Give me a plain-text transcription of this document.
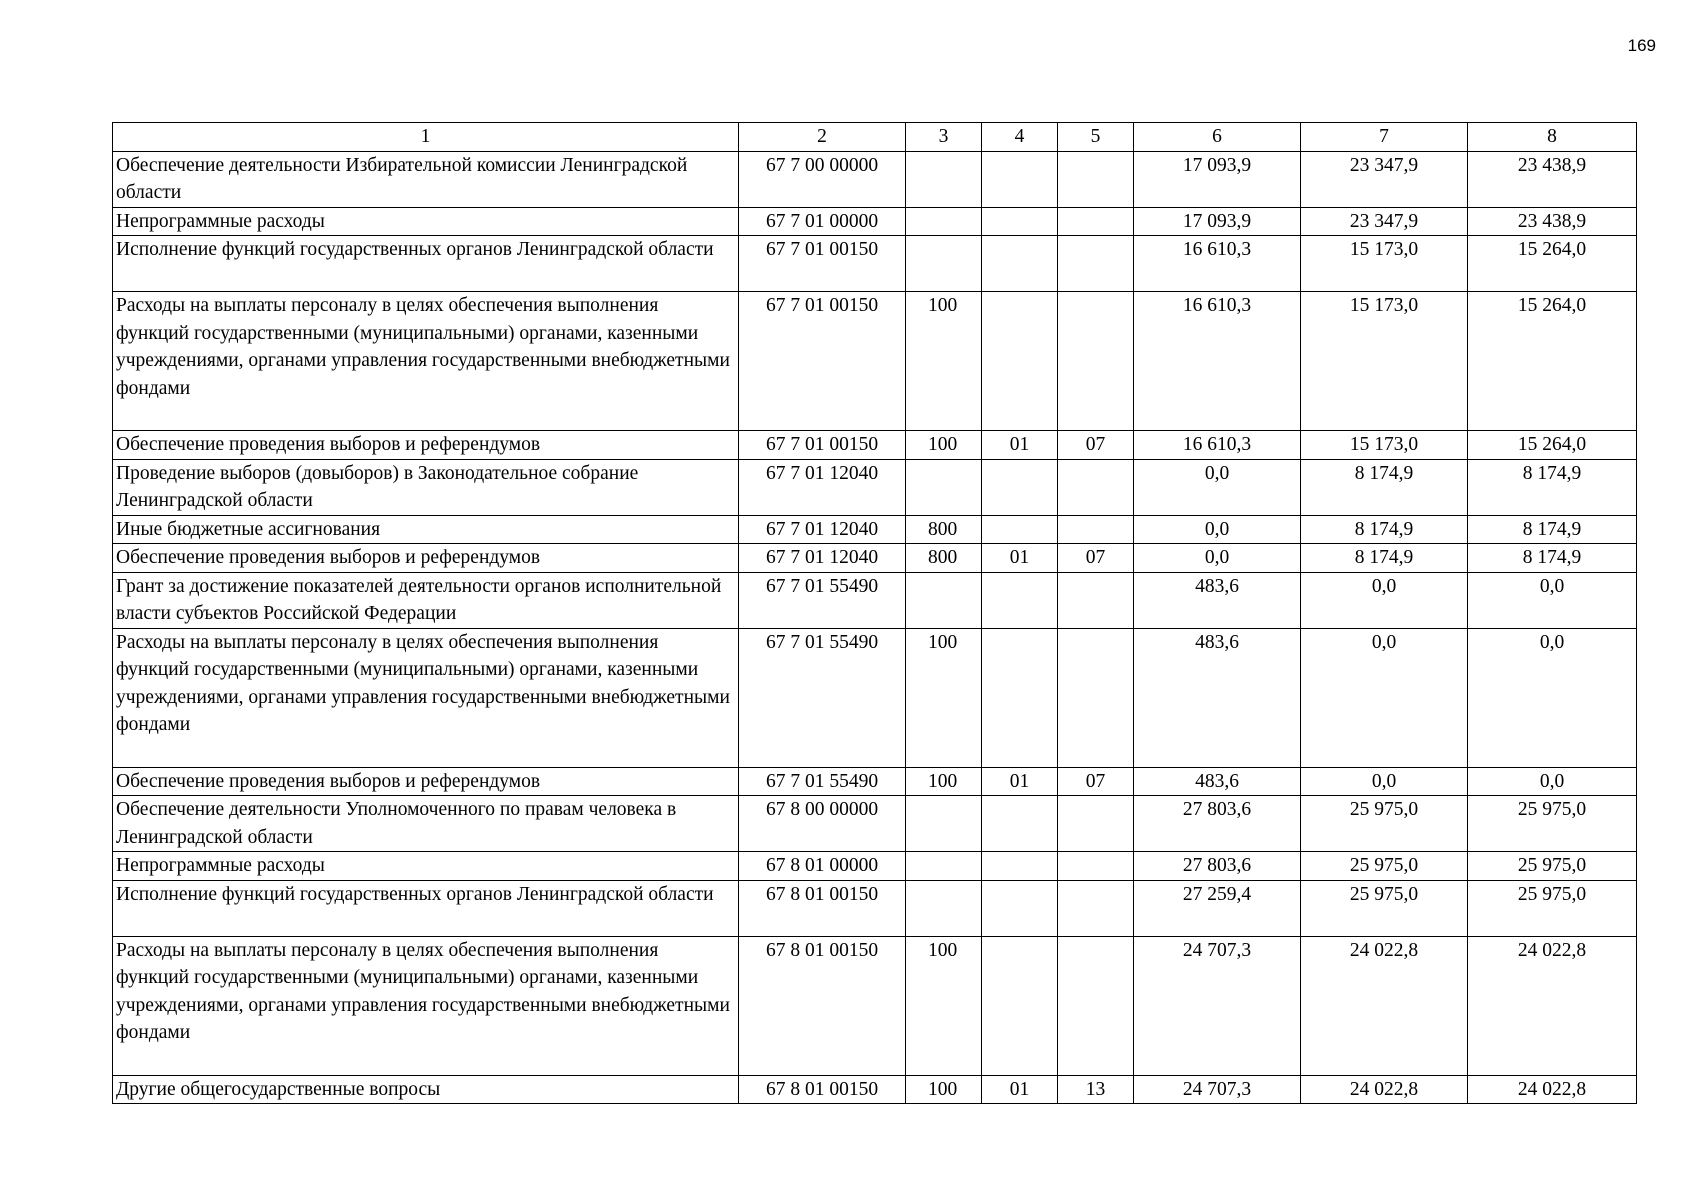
169
1	2	3	4	5	6	7	8
Обеспечение деятельности Избирательной комиссии Ленинградской области	67 7 00 00000				17 093,9	23 347,9	23 438,9
Непрограммные расходы	67 7 01 00000				17 093,9	23 347,9	23 438,9
Исполнение функций государственных органов Ленинградской области	67 7 01 00150				16 610,3	15 173,0	15 264,0
Расходы на выплаты персоналу в целях обеспечения выполнения функций государственными (муниципальными) органами, казенными учреждениями, органами управления государственными внебюджетными фондами	67 7 01 00150	100			16 610,3	15 173,0	15 264,0
Обеспечение проведения выборов и референдумов	67 7 01 00150	100	01	07	16 610,3	15 173,0	15 264,0
Проведение выборов (довыборов) в Законодательное собрание Ленинградской области	67 7 01 12040				0,0	8 174,9	8 174,9
Иные бюджетные ассигнования	67 7 01 12040	800			0,0	8 174,9	8 174,9
Обеспечение проведения выборов и референдумов	67 7 01 12040	800	01	07	0,0	8 174,9	8 174,9
Грант за достижение показателей деятельности органов исполнительной власти субъектов Российской Федерации	67 7 01 55490				483,6	0,0	0,0
Расходы на выплаты персоналу в целях обеспечения выполнения функций государственными (муниципальными) органами, казенными учреждениями, органами управления государственными внебюджетными фондами	67 7 01 55490	100			483,6	0,0	0,0
Обеспечение проведения выборов и референдумов	67 7 01 55490	100	01	07	483,6	0,0	0,0
Обеспечение деятельности Уполномоченного по правам человека в Ленинградской области	67 8 00 00000				27 803,6	25 975,0	25 975,0
Непрограммные расходы	67 8 01 00000				27 803,6	25 975,0	25 975,0
Исполнение функций государственных органов Ленинградской области	67 8 01 00150				27 259,4	25 975,0	25 975,0
Расходы на выплаты персоналу в целях обеспечения выполнения функций государственными (муниципальными) органами, казенными учреждениями, органами управления государственными внебюджетными фондами	67 8 01 00150	100			24 707,3	24 022,8	24 022,8
Другие общегосударственные вопросы	67 8 01 00150	100	01	13	24 707,3	24 022,8	24 022,8
